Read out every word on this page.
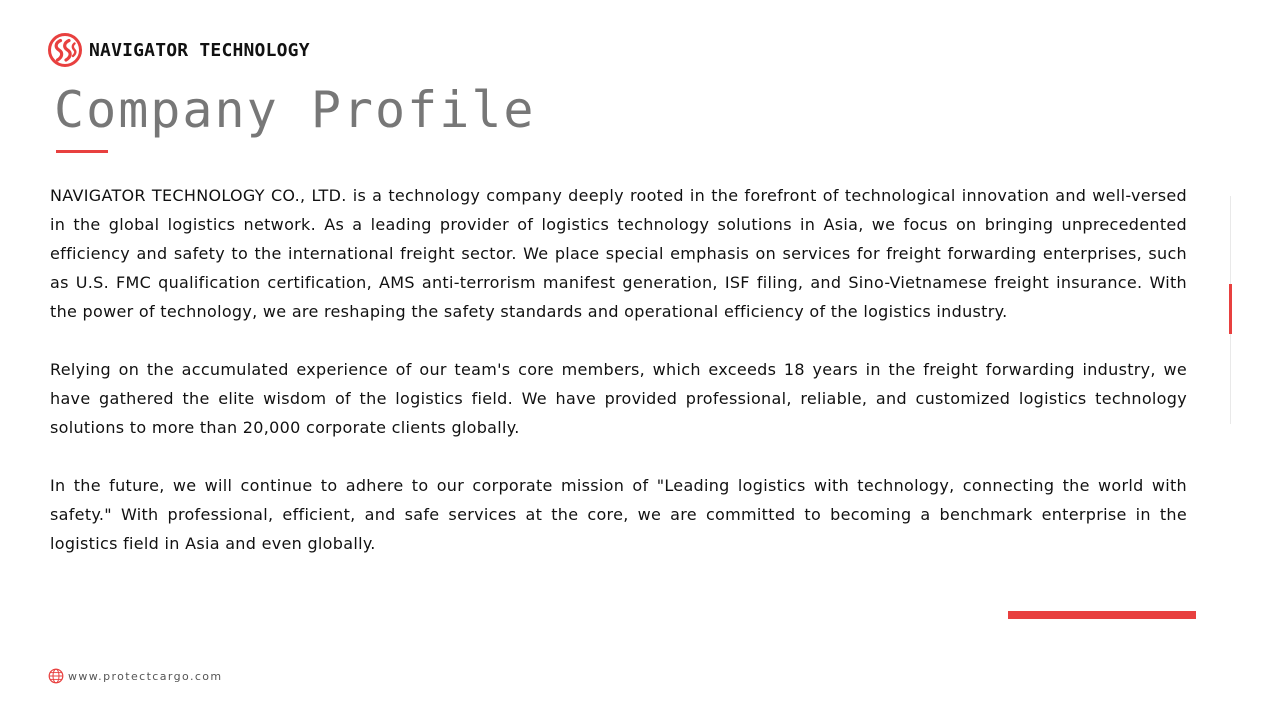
NAVIGATOR TECHNOLOGY
Company Profile

NAVIGATOR TECHNOLOGY CO., LTD. is a technology company deeply rooted in the forefront of technological innovation and well-versed in the global logistics network. As a leading provider of logistics technology solutions in Asia, we focus on bringing unprecedented efficiency and safety to the international freight sector. We place special emphasis on services for freight forwarding enterprises, such as U.S. FMC qualification certification, AMS anti-terrorism manifest generation, ISF filing, and Sino-Vietnamese freight insurance. With the power of technology, we are reshaping the safety standards and operational efficiency of the logistics industry.

Relying on the accumulated experience of our team's core members, which exceeds 18 years in the freight forwarding industry, we have gathered the elite wisdom of the logistics field. We have provided professional, reliable, and customized logistics technology solutions to more than 20,000 corporate clients globally.

In the future, we will continue to adhere to our corporate mission of "Leading logistics with technology, connecting the world with safety." With professional, efficient, and safe services at the core, we are committed to becoming a benchmark enterprise in the logistics field in Asia and even globally.

www.protectcargo.com
